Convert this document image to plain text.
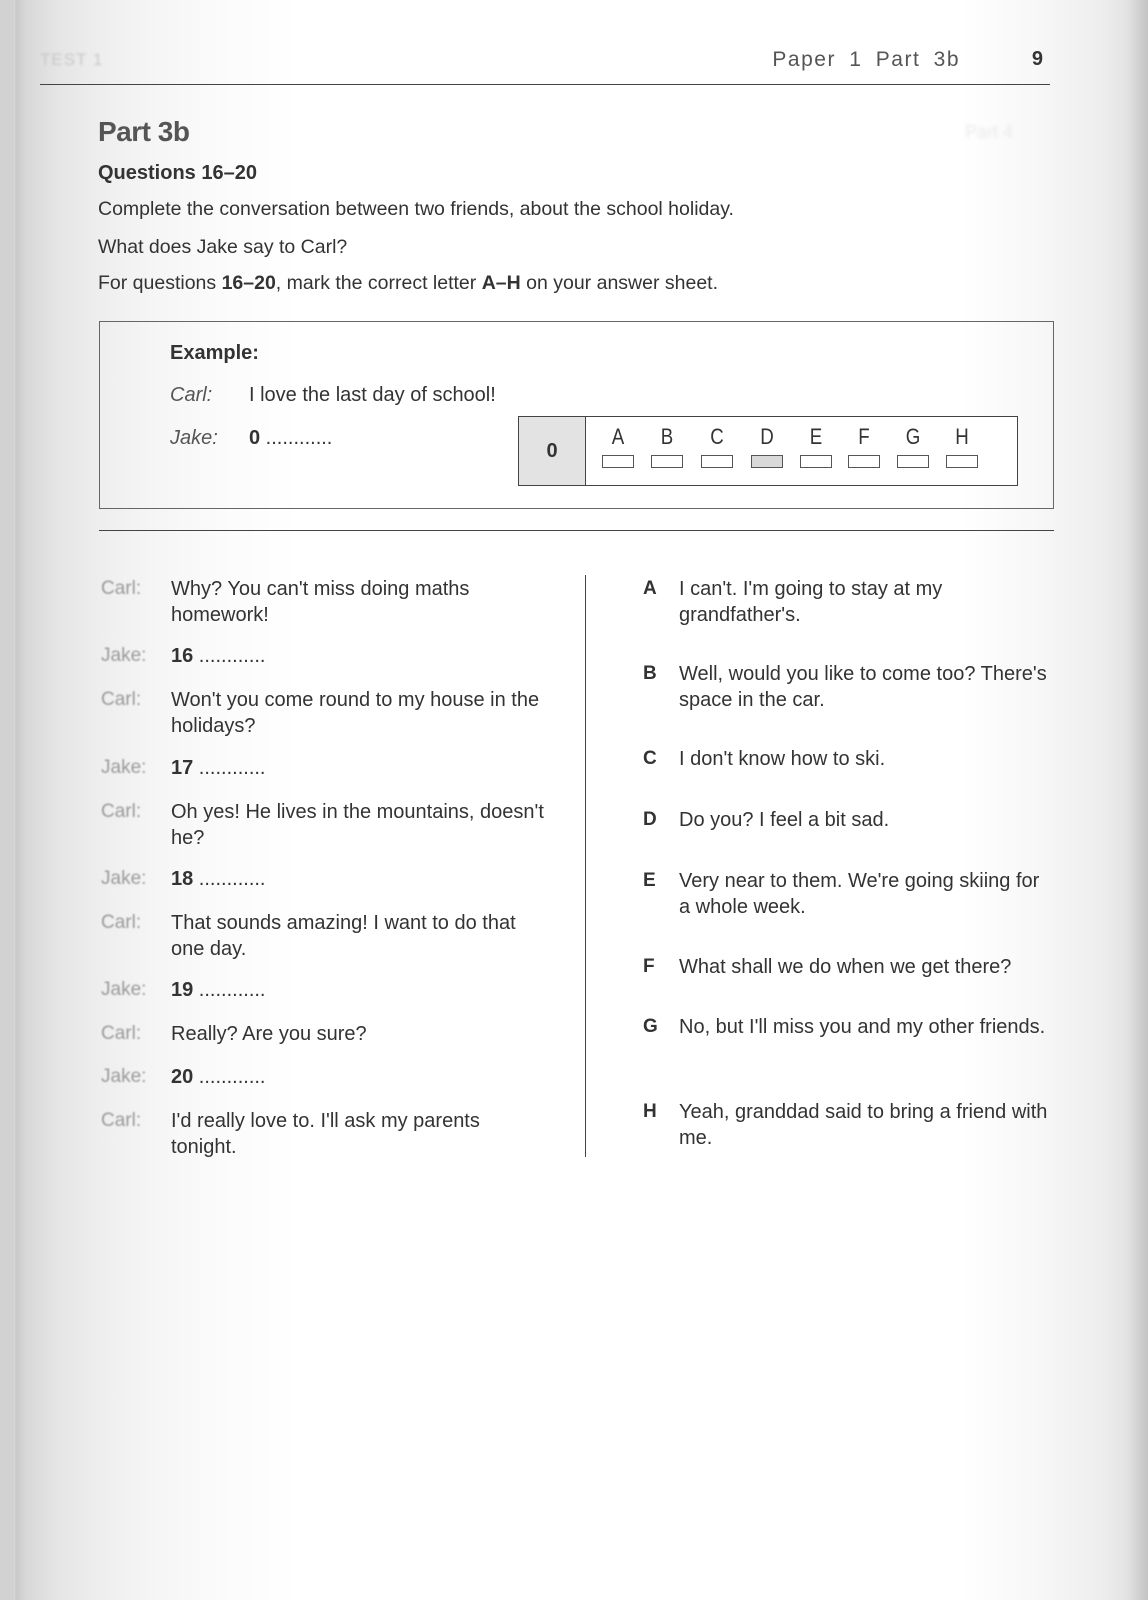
TEST 1	Paper 1 Part 3b	9
Part 3b
Questions 16–20
Complete the conversation between two friends, about the school holiday.
What does Jake say to Carl?
For questions 16–20, mark the correct letter A–H on your answer sheet.
Example:
Carl: I love the last day of school!
Jake: 0 ............
0
A	B	C	D	E	F	G	H
Carl: Why? You can't miss doing maths homework!
Jake: 16 ............
Carl: Won't you come round to my house in the holidays?
Jake: 17 ............
Carl: Oh yes! He lives in the mountains, doesn't he?
Jake: 18 ............
Carl: That sounds amazing! I want to do that one day.
Jake: 19 ............
Carl: Really? Are you sure?
Jake: 20 ............
Carl: I'd really love to. I'll ask my parents tonight.
A I can't. I'm going to stay at my grandfather's.
B Well, would you like to come too? There's space in the car.
C I don't know how to ski.
D Do you? I feel a bit sad.
E Very near to them. We're going skiing for a whole week.
F What shall we do when we get there?
G No, but I'll miss you and my other friends.
H Yeah, granddad said to bring a friend with me.
Part 4
